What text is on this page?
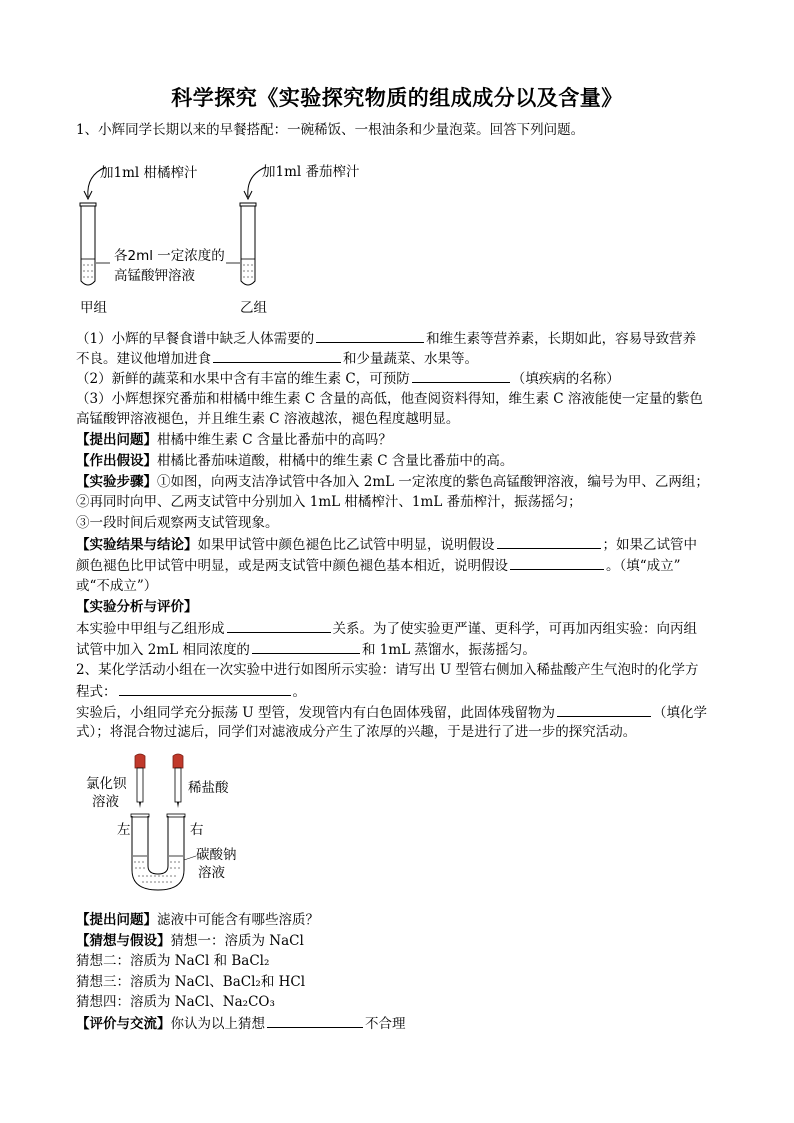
科学探究《实验探究物质的组成成分以及含量》
1、小辉同学长期以来的早餐搭配：一碗稀饭、一根油条和少量泡菜。回答下列问题。
加1ml 柑橘榨汁	加1ml 番茄榨汁
各2ml 一定浓度的
高锰酸钾溶液
甲组	乙组
（1）小辉的早餐食谱中缺乏人体需要的	和维生素等营养素，长期如此，容易导致营养
不良。建议他增加进食	和少量蔬菜、水果等。
（2）新鲜的蔬菜和水果中含有丰富的维生素 C，可预防	（填疾病的名称）
（3）小辉想探究番茄和柑橘中维生素 C 含量的高低，他查阅资料得知，维生素 C 溶液能使一定量的紫色
高锰酸钾溶液褪色，并且维生素 C 溶液越浓，褪色程度越明显。
【提出问题】柑橘中维生素 C 含量比番茄中的高吗？
【作出假设】柑橘比番茄味道酸，柑橘中的维生素 C 含量比番茄中的高。
【实验步骤】①如图，向两支洁净试管中各加入 2mL 一定浓度的紫色高锰酸钾溶液，编号为甲、乙两组；
②再同时向甲、乙两支试管中分别加入 1mL 柑橘榨汁、1mL 番茄榨汁，振荡摇匀；
③一段时间后观察两支试管现象。
【实验结果与结论】如果甲试管中颜色褪色比乙试管中明显，说明假设	；如果乙试管中
颜色褪色比甲试管中明显，或是两支试管中颜色褪色基本相近，说明假设	。（填“成立”
或“不成立”）
【实验分析与评价】
本实验中甲组与乙组形成	关系。为了使实验更严谨、更科学，可再加丙组实验：向丙组
试管中加入 2mL 相同浓度的	和 1mL 蒸馏水，振荡摇匀。
2、某化学活动小组在一次实验中进行如图所示实验：请写出 U 型管右侧加入稀盐酸产生气泡时的化学方
程式：	。
实验后，小组同学充分振荡 U 型管，发现管内有白色固体残留，此固体残留物为	（填化学
式）；将混合物过滤后，同学们对滤液成分产生了浓厚的兴趣，于是进行了进一步的探究活动。
氯化钡
溶液
稀盐酸
左	右
碳酸钠
溶液
【提出问题】滤液中可能含有哪些溶质？
【猜想与假设】猜想一：溶质为 NaCl
猜想二：溶质为 NaCl 和 BaCl₂
猜想三：溶质为 NaCl、BaCl₂和 HCl
猜想四：溶质为 NaCl、Na₂CO₃
【评价与交流】你认为以上猜想	不合理
